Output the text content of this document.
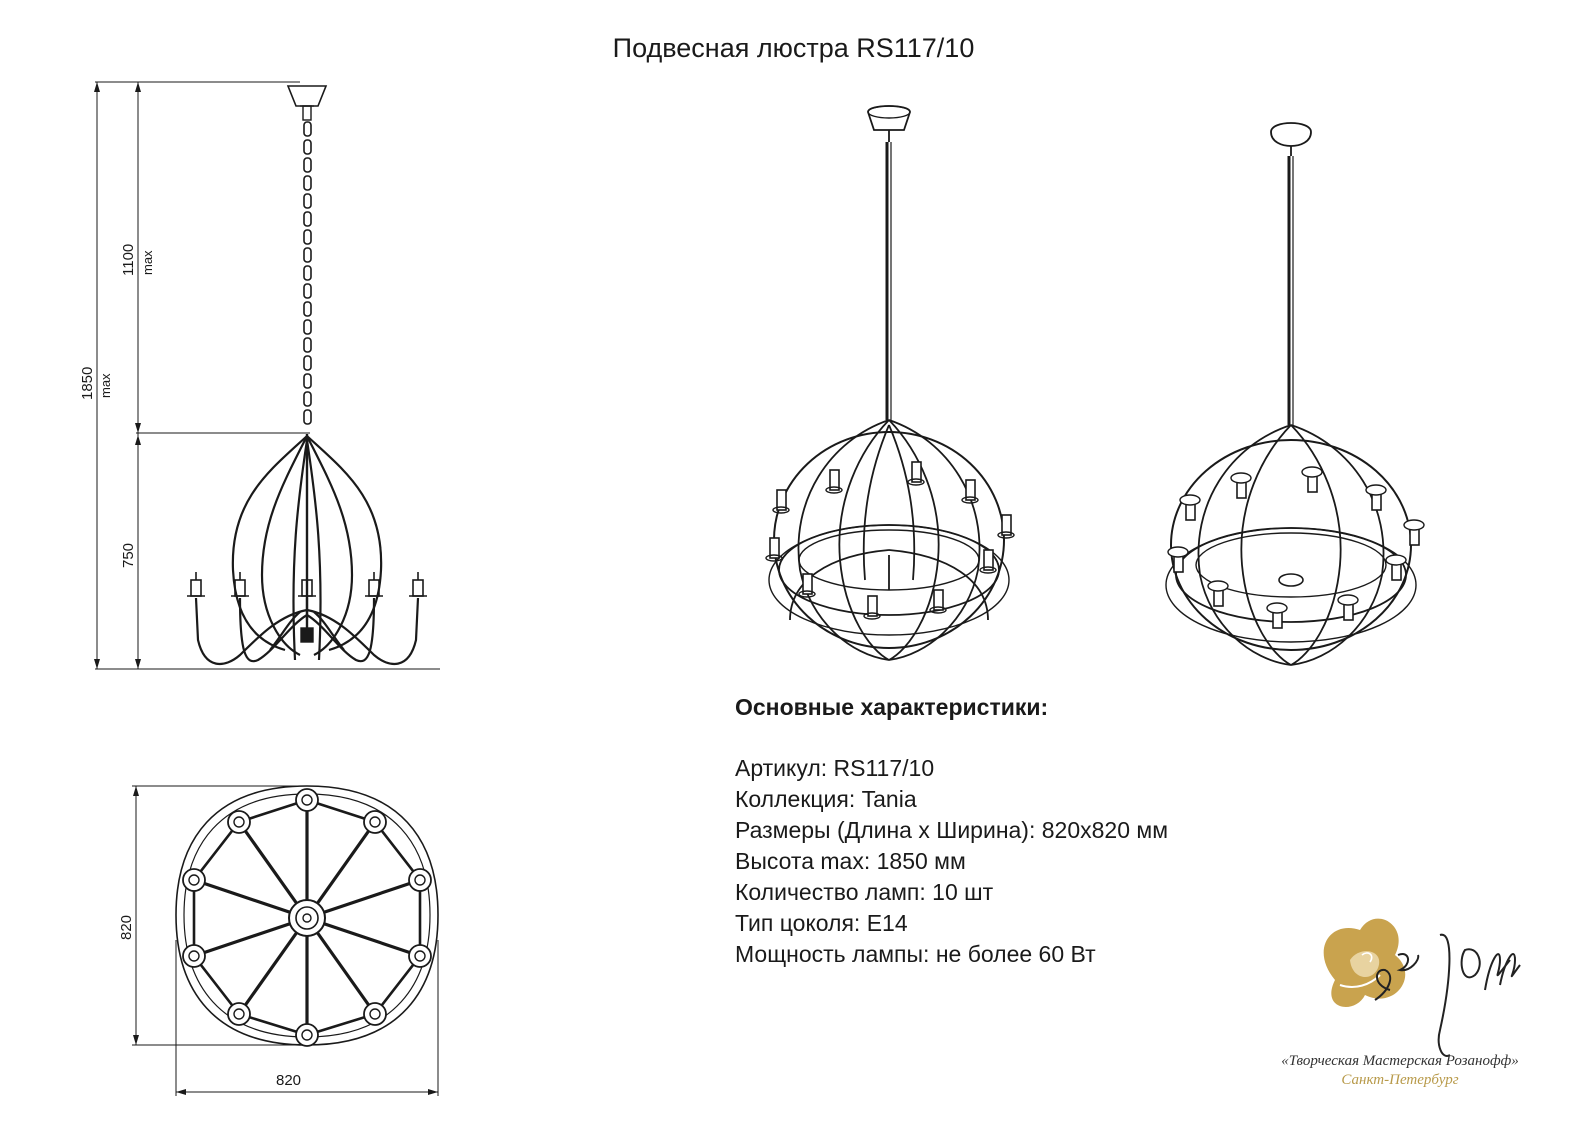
Подвесная люстра RS117/10
1850 max
1100 max
750
820
820
Основные характеристики:
Артикул: RS117/10
Коллекция: Tania
Размеры (Длина х Ширина): 820х820 мм
Высота max: 1850 мм
Количество ламп: 10 шт
Тип цоколя: E14
Мощность лампы: не более 60 Вт
«Творческая Мастерская Розанофф»
Санкт-Петербург
